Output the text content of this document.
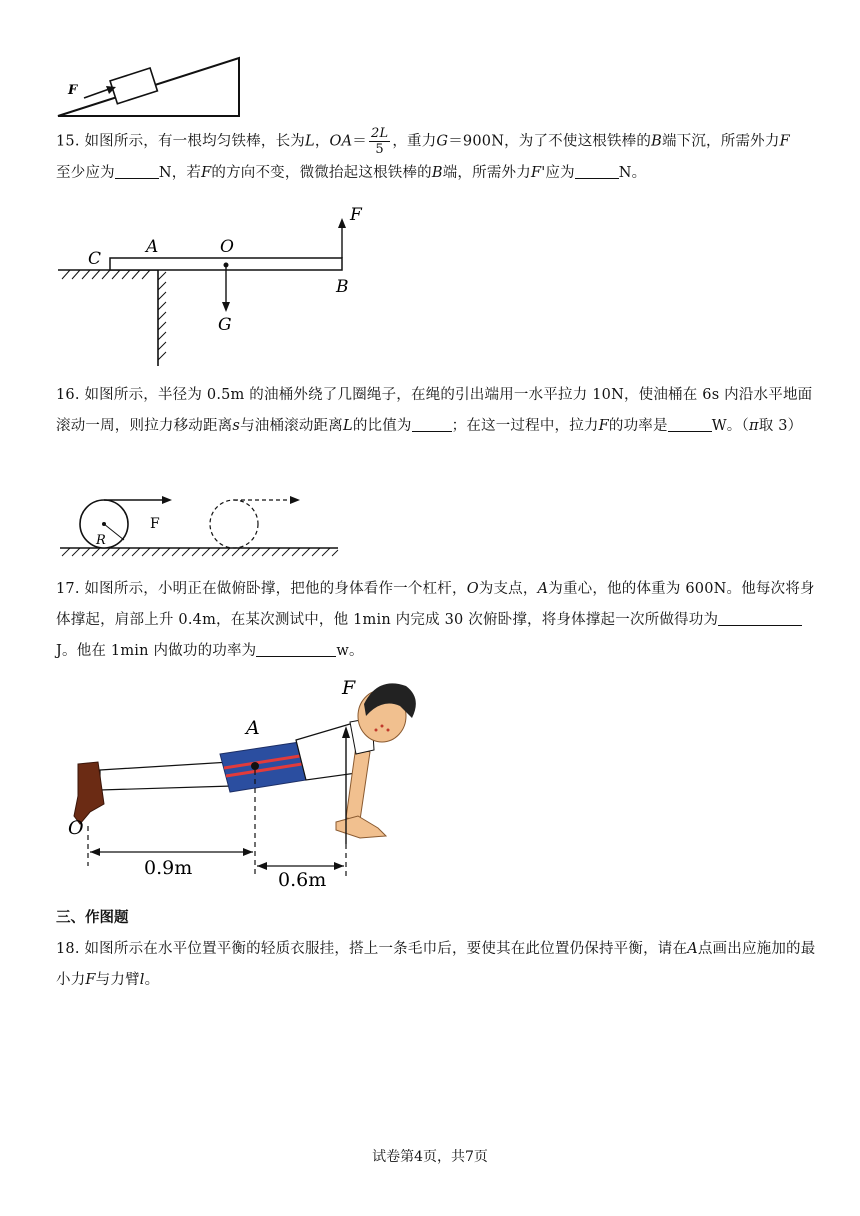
F
15. 如图所示，有一根均匀铁棒，长为L，$OA= \frac{2L}{5}$ ，重力G＝900N，为了不使这根铁棒的B端下沉，所需外力F
至少应为	N，若F的方向不变，微微抬起这根铁棒的B端，所需外力F'应为	N。
C
A	O
F
B
G
16. 如图所示，半径为 0.5m 的油桶外绕了几圈绳子，在绳的引出端用一水平拉力 10N，使油桶在 6s 内沿水平地面滚动一周，则拉力移动距离s与油桶滚动距离L的比值为	；在这一过程中，拉力F的功率是	W。（π取 3）
R
F
17. 如图所示，小明正在做俯卧撑，把他的身体看作一个杠杆，O为支点，A为重心，他的体重为 600N。他每次将身体撑起，肩部上升 0.4m，在某次测试中，他 1min 内完成 30 次俯卧撑，将身体撑起一次所做得功为J。他在 1min 内做功的功率为	w。
F
A
O
0.9m
0.6m
三、作图题
18. 如图所示在水平位置平衡的轻质衣服挂，搭上一条毛巾后，要使其在此位置仍保持平衡，请在A点画出应施加的最小力F与力臂l。
试卷第4页，共7页
